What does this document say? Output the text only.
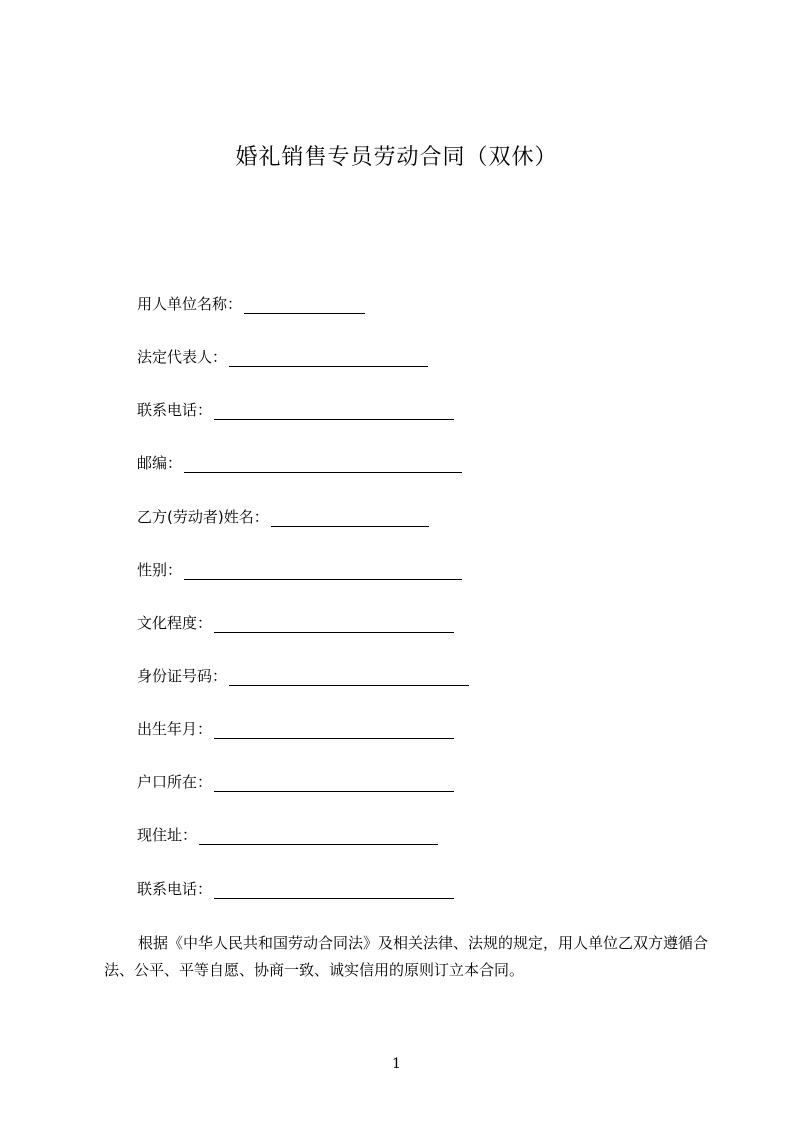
婚礼销售专员劳动合同（双休）
用人单位名称：
法定代表人：
联系电话：
邮编：
乙方(劳动者)姓名：
性别：
文化程度：
身份证号码：
出生年月：
户口所在：
现住址：
联系电话：
根据《中华人民共和国劳动合同法》及相关法律、法规的规定，用人单位乙双方遵循合法、公平、平等自愿、协商一致、诚实信用的原则订立本合同。
1
